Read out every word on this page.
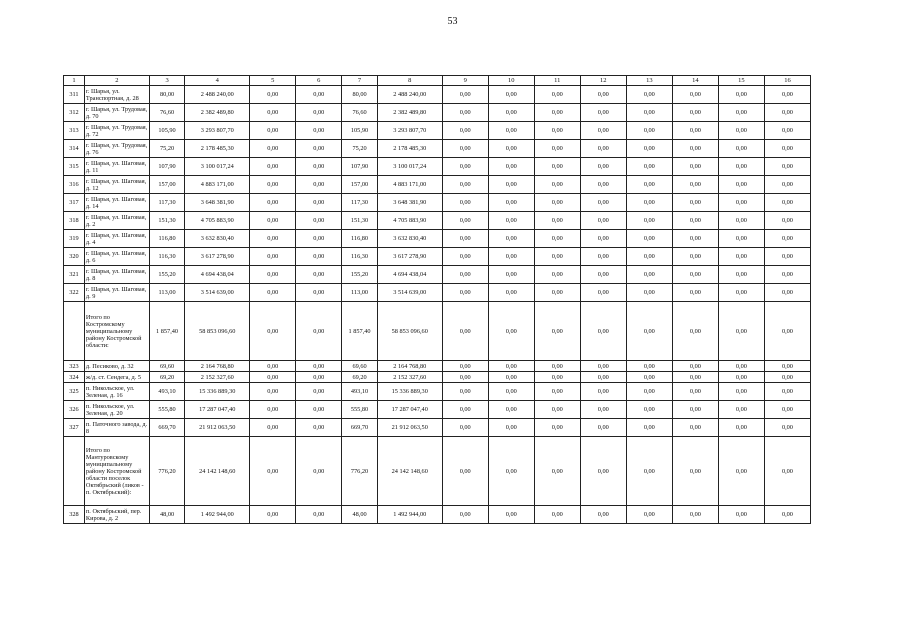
53
1	2	3	4	5	6	7	8	9	10	11	12	13	14	15	16
311	г. Шарья, ул. Транспортная, д. 28	80,00	2 488 240,00	0,00	0,00	80,00	2 488 240,00	0,00	0,00	0,00	0,00	0,00	0,00	0,00	0,00
312	г. Шарья, ул. Трудовая, д. 70	76,60	2 382 489,80	0,00	0,00	76,60	2 382 489,80	0,00	0,00	0,00	0,00	0,00	0,00	0,00	0,00
313	г. Шарья, ул. Трудовая, д. 72	105,90	3 293 807,70	0,00	0,00	105,90	3 293 807,70	0,00	0,00	0,00	0,00	0,00	0,00	0,00	0,00
314	г. Шарья, ул. Трудовая, д. 76	75,20	2 178 485,30	0,00	0,00	75,20	2 178 485,30	0,00	0,00	0,00	0,00	0,00	0,00	0,00	0,00
315	г. Шарья, ул. Шаговая, д. 11	107,90	3 100 017,24	0,00	0,00	107,90	3 100 017,24	0,00	0,00	0,00	0,00	0,00	0,00	0,00	0,00
316	г. Шарья, ул. Шаговая, д. 12	157,00	4 883 171,00	0,00	0,00	157,00	4 883 171,00	0,00	0,00	0,00	0,00	0,00	0,00	0,00	0,00
317	г. Шарья, ул. Шаговая, д. 14	117,30	3 648 381,90	0,00	0,00	117,30	3 648 381,90	0,00	0,00	0,00	0,00	0,00	0,00	0,00	0,00
318	г. Шарья, ул. Шаговая, д. 2	151,30	4 705 883,90	0,00	0,00	151,30	4 705 883,90	0,00	0,00	0,00	0,00	0,00	0,00	0,00	0,00
319	г. Шарья, ул. Шаговая, д. 4	116,80	3 632 830,40	0,00	0,00	116,80	3 632 830,40	0,00	0,00	0,00	0,00	0,00	0,00	0,00	0,00
320	г. Шарья, ул. Шаговая, д. 6	116,30	3 617 278,90	0,00	0,00	116,30	3 617 278,90	0,00	0,00	0,00	0,00	0,00	0,00	0,00	0,00
321	г. Шарья, ул. Шаговая, д. 8	155,20	4 694 438,04	0,00	0,00	155,20	4 694 438,04	0,00	0,00	0,00	0,00	0,00	0,00	0,00	0,00
322	г. Шарья, ул. Шаговая, д. 9	113,00	3 514 639,00	0,00	0,00	113,00	3 514 639,00	0,00	0,00	0,00	0,00	0,00	0,00	0,00	0,00
	Итого по Костромскому муниципальному району Костромской области:	1 857,40	58 853 096,60	0,00	0,00	1 857,40	58 853 096,60	0,00	0,00	0,00	0,00	0,00	0,00	0,00	0,00
323	д. Песиково, д. 32	69,60	2 164 768,80	0,00	0,00	69,60	2 164 768,80	0,00	0,00	0,00	0,00	0,00	0,00	0,00	0,00
324	ж/д. ст. Сендега, д. 5	69,20	2 152 327,60	0,00	0,00	69,20	2 152 327,60	0,00	0,00	0,00	0,00	0,00	0,00	0,00	0,00
325	п. Никольское, ул. Зеленая, д. 16	493,10	15 336 889,30	0,00	0,00	493,10	15 336 889,30	0,00	0,00	0,00	0,00	0,00	0,00	0,00	0,00
326	п. Никольское, ул. Зеленая, д. 20	555,80	17 287 047,40	0,00	0,00	555,80	17 287 047,40	0,00	0,00	0,00	0,00	0,00	0,00	0,00	0,00
327	п. Паточного завода, д. 8	669,70	21 912 063,50	0,00	0,00	669,70	21 912 063,50	0,00	0,00	0,00	0,00	0,00	0,00	0,00	0,00
	Итого по Мантуровскому муниципальному району Костромской области поселок Октябрьский (ликов - п. Октябрьский):	776,20	24 142 148,60	0,00	0,00	776,20	24 142 148,60	0,00	0,00	0,00	0,00	0,00	0,00	0,00	0,00
328	п. Октябрьский, пер. Кирова, д. 2	48,00	1 492 944,00	0,00	0,00	48,00	1 492 944,00	0,00	0,00	0,00	0,00	0,00	0,00	0,00	0,00
